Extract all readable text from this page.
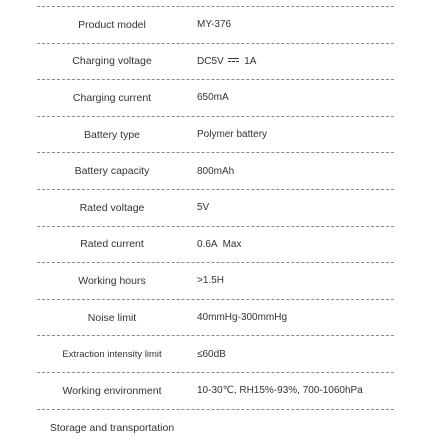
Product model	MY-376
Charging voltage	DC5V 1A
Charging current	650mA
Battery type	Polymer battery
Battery capacity	800mAh
Rated voltage	5V
Rated current	0.6A  Max
Working hours	>1.5H
Noise limit	40mmHg-300mmHg
Extraction intensity limit	≤60dB
Working environment	10-30℃, RH15%-93%, 700-1060hPa
Storage and transportation
